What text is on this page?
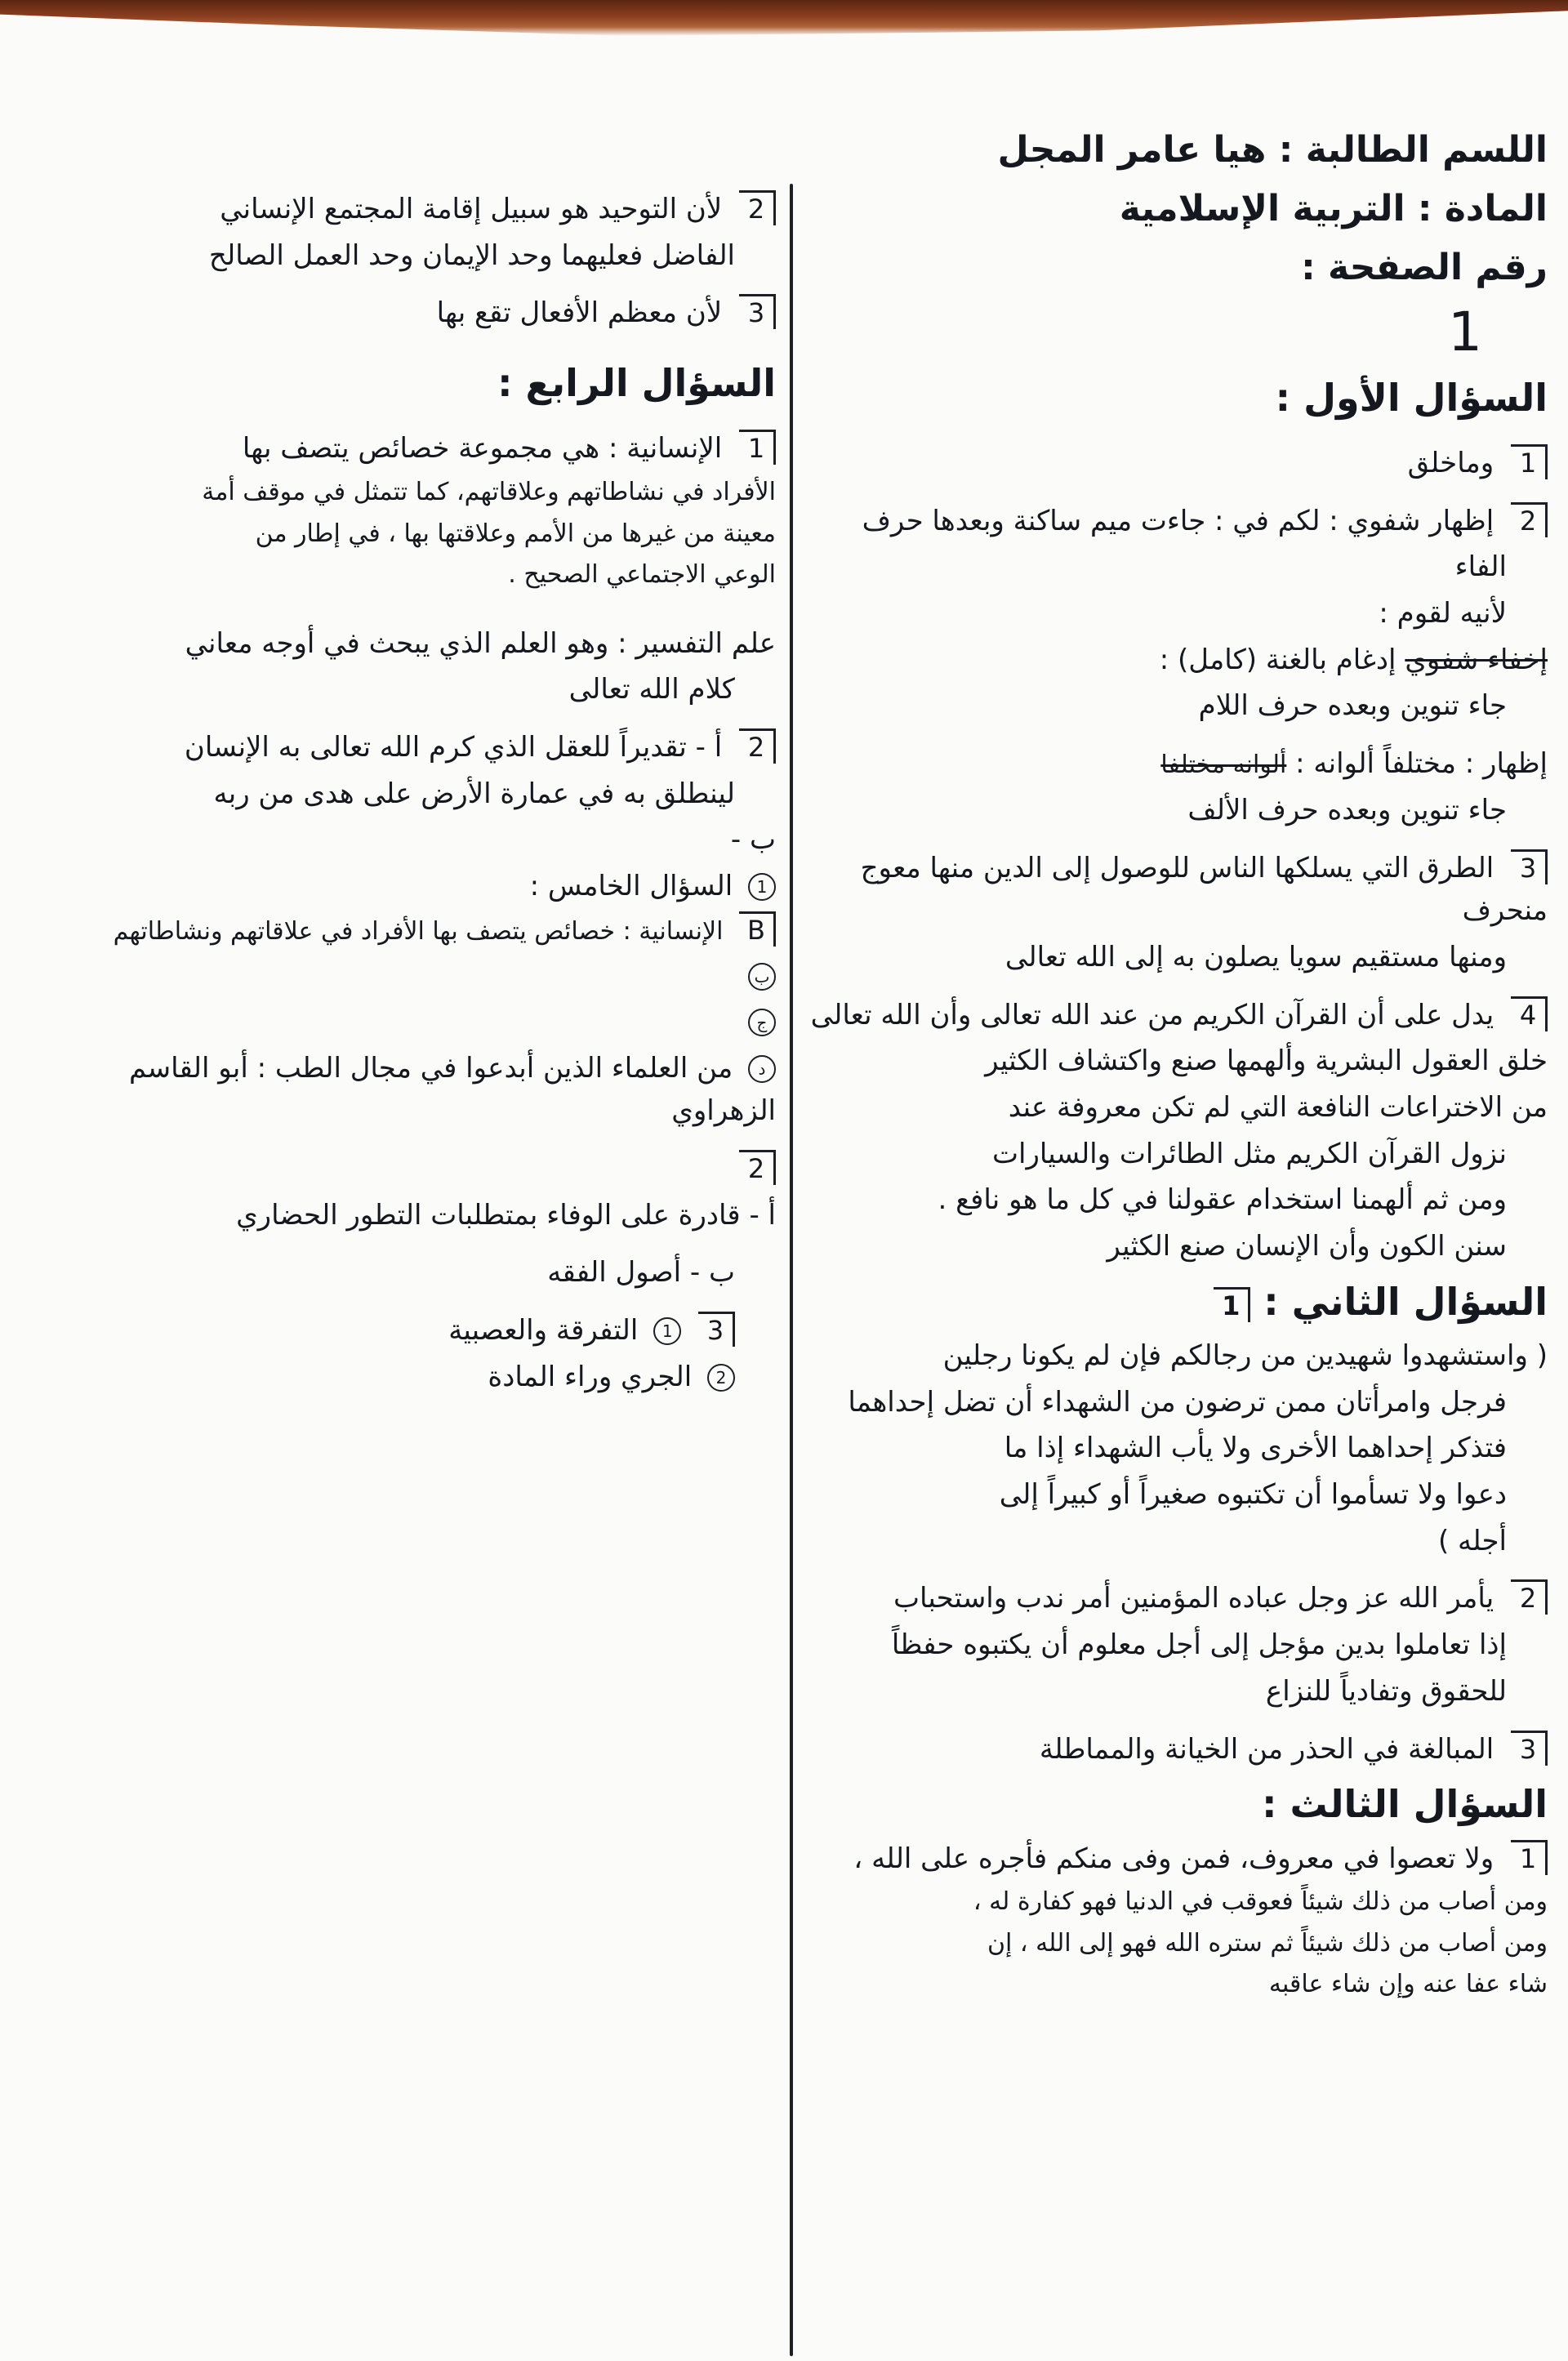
اللسم الطالبة : هيا عامر المجل
المادة : التربية الإسلامية
رقم الصفحة :
1
السؤال الأول :
1 وماخلق
2 إظهار شفوي : لكم في : جاءت ميم ساكنة وبعدها حرف
الفاء
لأنيه لقوم :
إخفاء شفوي إدغام بالغنة (كامل) :
جاء تنوين وبعده حرف اللام
إظهار : مختلفاً ألوانه : ألوانه مختلفا
جاء تنوين وبعده حرف الألف
3 الطرق التي يسلكها الناس للوصول إلى الدين منها معوج منحرف
ومنها مستقيم سويا يصلون به إلى الله تعالى
4 يدل على أن القرآن الكريم من عند الله تعالى وأن الله تعالى
خلق العقول البشرية وألهمها صنع واكتشاف الكثير
من الاختراعات النافعة التي لم تكن معروفة عند
نزول القرآن الكريم مثل الطائرات والسيارات
ومن ثم ألهمنا استخدام عقولنا في كل ما هو نافع .
سنن الكون وأن الإنسان صنع الكثير
السؤال الثاني : 1
( واستشهدوا شهيدين من رجالكم فإن لم يكونا رجلين
فرجل وامرأتان ممن ترضون من الشهداء أن تضل إحداهما
فتذكر إحداهما الأخرى ولا يأب الشهداء إذا ما
دعوا ولا تسأموا أن تكتبوه صغيراً أو كبيراً إلى
أجله )
2 يأمر الله عز وجل عباده المؤمنين أمر ندب واستحباب
إذا تعاملوا بدين مؤجل إلى أجل معلوم أن يكتبوه حفظاً
للحقوق وتفادياً للنزاع
3 المبالغة في الحذر من الخيانة والمماطلة
السؤال الثالث :
1 ولا تعصوا في معروف، فمن وفى منكم فأجره على الله ،
ومن أصاب من ذلك شيئاً فعوقب في الدنيا فهو كفارة له ،
ومن أصاب من ذلك شيئاً ثم ستره الله فهو إلى الله ، إن
شاء عفا عنه وإن شاء عاقبه
2 لأن التوحيد هو سبيل إقامة المجتمع الإنساني
الفاضل فعليهما وحد الإيمان وحد العمل الصالح
3 لأن معظم الأفعال تقع بها
السؤال الرابع :
1 الإنسانية : هي مجموعة خصائص يتصف بها
الأفراد في نشاطاتهم وعلاقاتهم، كما تتمثل في موقف أمة
معينة من غيرها من الأمم وعلاقتها بها ، في إطار من
الوعي الاجتماعي الصحيح .
علم التفسير : وهو العلم الذي يبحث في أوجه معاني
كلام الله تعالى
2 أ - تقديراً للعقل الذي كرم الله تعالى به الإنسان
لينطلق به في عمارة الأرض على هدى من ربه
ب -
1 السؤال الخامس :
B الإنسانية : خصائص يتصف بها الأفراد في علاقاتهم ونشاطاتهم
ب
ج
د من العلماء الذين أبدعوا في مجال الطب : أبو القاسم الزهراوي
2
أ - قادرة على الوفاء بمتطلبات التطور الحضاري
ب - أصول الفقه
3 1 التفرقة والعصبية
2 الجري وراء المادة
